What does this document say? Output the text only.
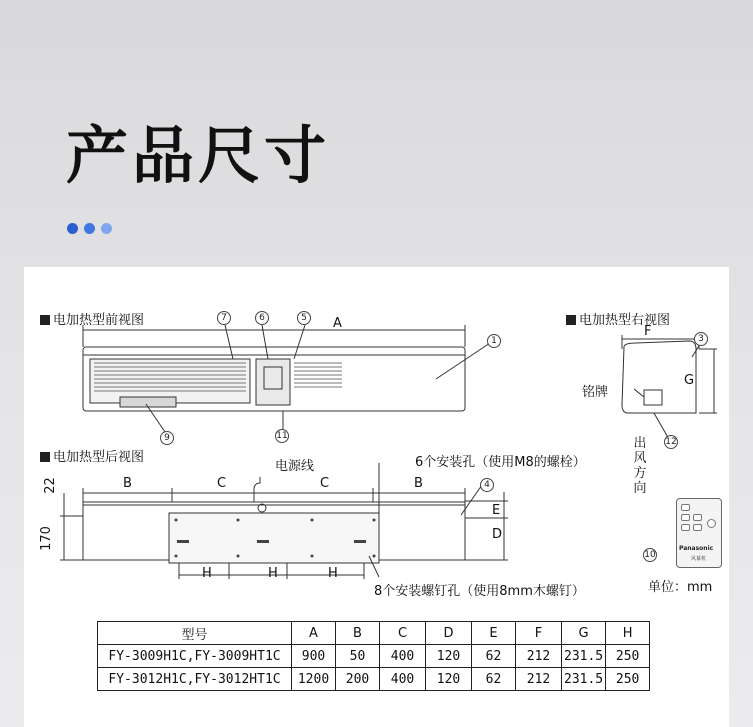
产品尺寸
电加热型前视图	电加热型右视图
电加热型后视图
A
F
G
B	C	C	B
H	H	H
E
D
22
170
电源线	6个安装孔（使用M8的螺栓）
8个安装螺钉孔（使用8mm木螺钉）
铭牌
单位：mm
出
风
方
向
1	3
4
5
6
7
9
10
11
12
Panasonic
风幕机
型号	A	B	C	D	E	F	G	H
FY-3009H1C,FY-3009HT1C	900	50	400	120	62	212	231.5	250
FY-3012H1C,FY-3012HT1C	1200	200	400	120	62	212	231.5	250
